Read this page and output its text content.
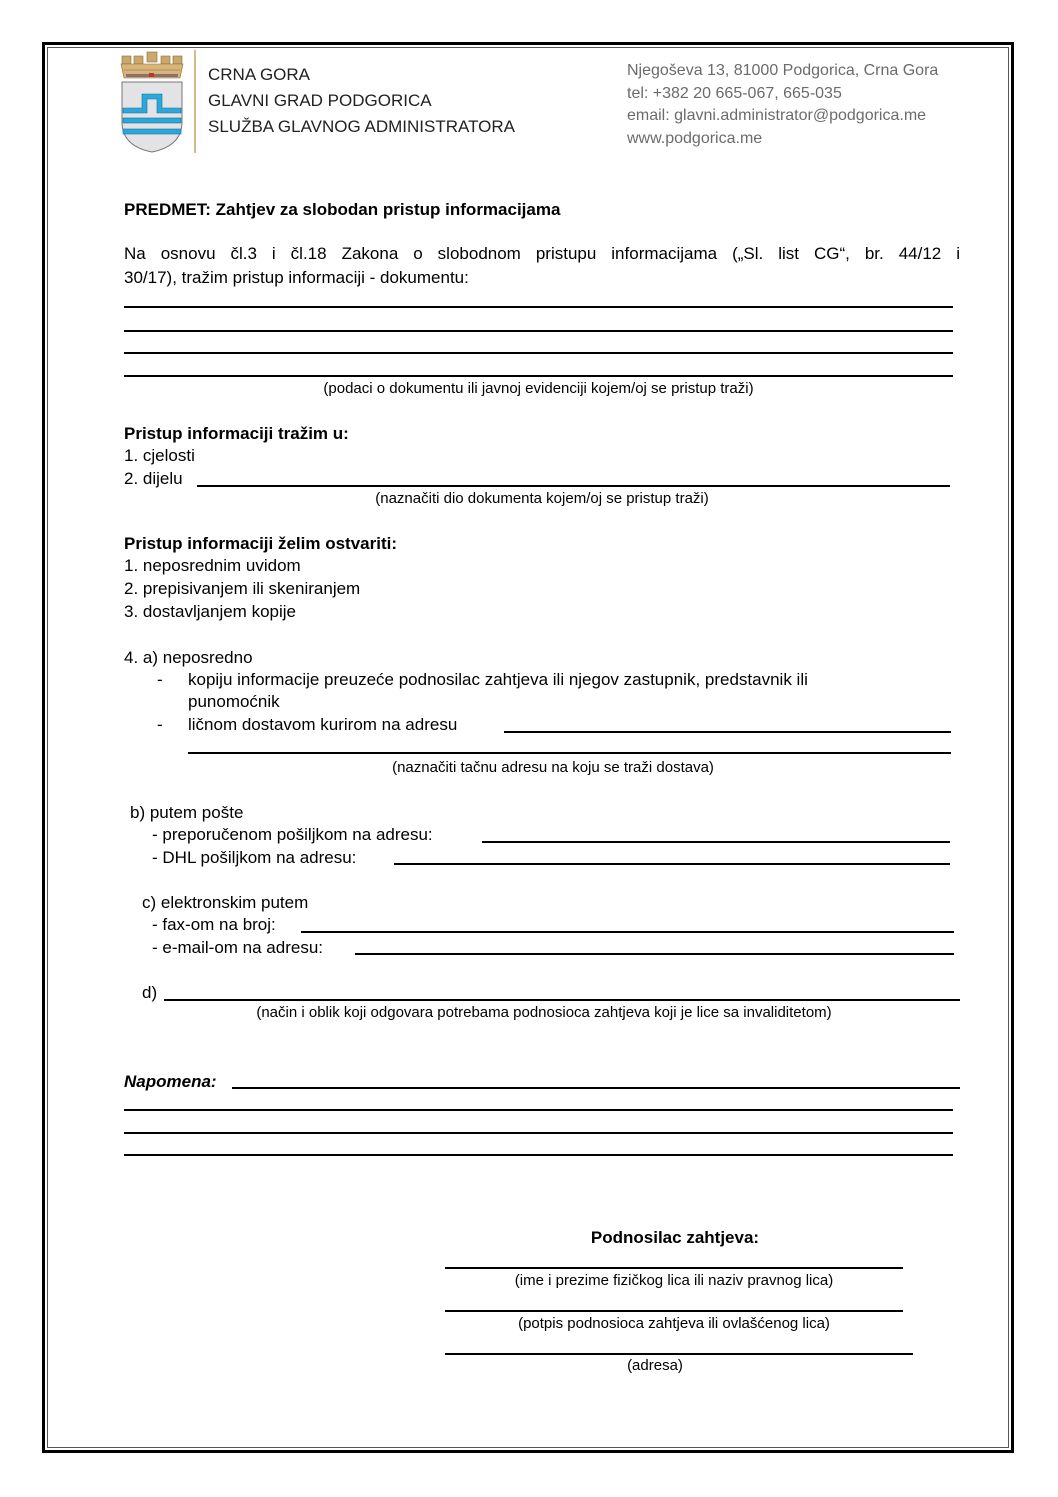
CRNA GORA
GLAVNI GRAD PODGORICA
SLUŽBA GLAVNOG ADMINISTRATORA
Njegoševa 13, 81000 Podgorica, Crna Gora
tel: +382 20 665-067, 665-035
email: glavni.administrator@podgorica.me
www.podgorica.me
PREDMET: Zahtjev za slobodan pristup informacijama
Na osnovu čl.3 i čl.18 Zakona o slobodnom pristupu informacijama („Sl. list CG“, br. 44/12 i
30/17), tražim pristup informaciji - dokumentu:
(podaci o dokumentu ili javnoj evidenciji kojem/oj se pristup traži)
Pristup informaciji tražim u:
1. cjelosti
2. dijelu
(naznačiti dio dokumenta kojem/oj se pristup traži)
Pristup informaciji želim ostvariti:
1. neposrednim uvidom
2. prepisivanjem ili skeniranjem
3. dostavljanjem kopije
4. a) neposredno
- kopiju informacije preuzeće podnosilac zahtjeva ili njegov zastupnik, predstavnik ili
punomoćnik
- ličnom dostavom kurirom na adresu
(naznačiti tačnu adresu na koju se traži dostava)
b) putem pošte
- preporučenom pošiljkom na adresu:
- DHL pošiljkom na adresu:
c) elektronskim putem
- fax-om na broj:
- e-mail-om na adresu:
d)
(način i oblik koji odgovara potrebama podnosioca zahtjeva koji je lice sa invaliditetom)
Napomena:
Podnosilac zahtjeva:
(ime i prezime fizičkog lica ili naziv pravnog lica)
(potpis podnosioca zahtjeva ili ovlašćenog lica)
(adresa)
